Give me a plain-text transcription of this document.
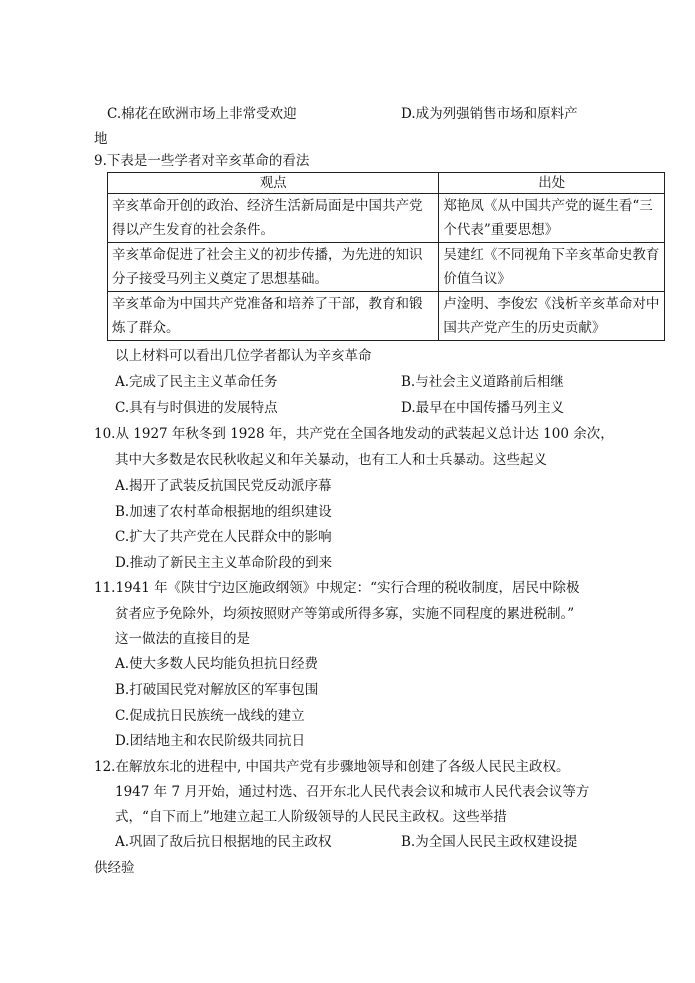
C.棉花在欧洲市场上非常受欢迎	D.成为列强销售市场和原料产
地
9.下表是一些学者对辛亥革命的看法
观点	出处
辛亥革命开创的政治、经济生活新局面是中国共产党得以产生发育的社会条件。	郑艳凤《从中国共产党的诞生看“三个代表”重要思想》
辛亥革命促进了社会主义的初步传播，为先进的知识分子接受马列主义奠定了思想基础。	吴建红《不同视角下辛亥革命史教育价值刍议》
辛亥革命为中国共产党准备和培养了干部，教育和锻炼了群众。	卢淦明、李俊宏《浅析辛亥革命对中国共产党产生的历史贡献》
以上材料可以看出几位学者都认为辛亥革命
A.完成了民主主义革命任务	B.与社会主义道路前后相继
C.具有与时俱进的发展特点	D.最早在中国传播马列主义
10.从 1927 年秋冬到 1928 年，共产党在全国各地发动的武装起义总计达 100 余次，
其中大多数是农民秋收起义和年关暴动，也有工人和士兵暴动。这些起义
A.揭开了武装反抗国民党反动派序幕
B.加速了农村革命根据地的组织建设
C.扩大了共产党在人民群众中的影响
D.推动了新民主主义革命阶段的到来
11.1941 年《陕甘宁边区施政纲领》中规定：“实行合理的税收制度，居民中除极
贫者应予免除外，均须按照财产等第或所得多寡，实施不同程度的累进税制。”
这一做法的直接目的是
A.使大多数人民均能负担抗日经费
B.打破国民党对解放区的军事包围
C.促成抗日民族统一战线的建立
D.团结地主和农民阶级共同抗日
12.在解放东北的进程中, 中国共产党有步骤地领导和创建了各级人民民主政权。
1947 年 7 月开始，通过村选、召开东北人民代表会议和城市人民代表会议等方
式，“自下而上”地建立起工人阶级领导的人民民主政权。这些举措
A.巩固了敌后抗日根据地的民主政权	B.为全国人民民主政权建设提
供经验
